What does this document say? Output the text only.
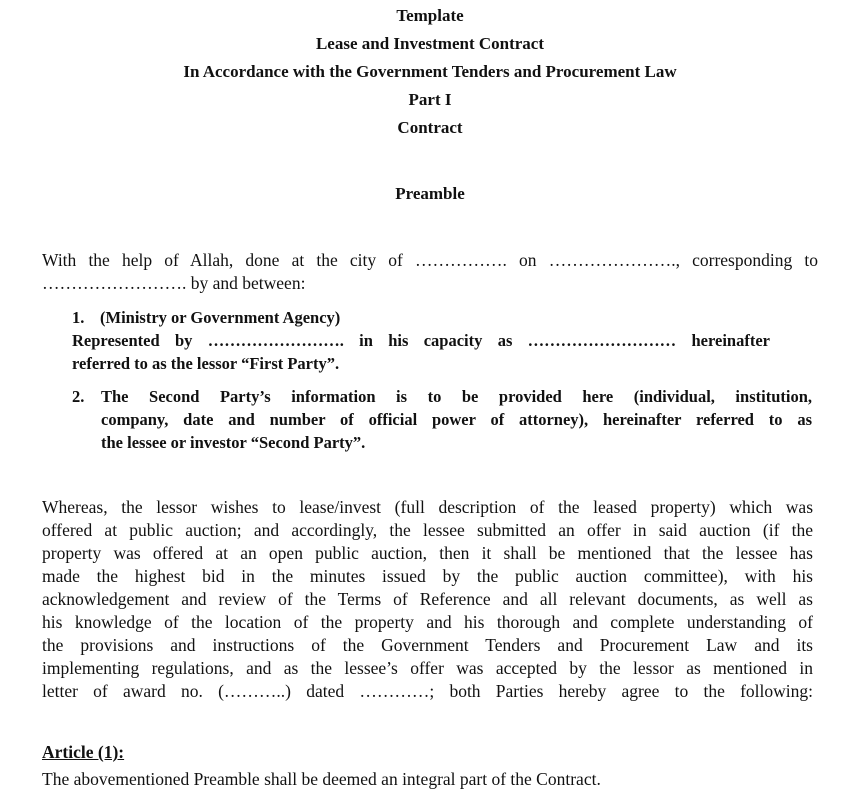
Template
Lease and Investment Contract
In Accordance with the Government Tenders and Procurement Law
Part I
Contract
Preamble
With the help of Allah, done at the city of ……………. on …………………., corresponding to
……………………. by and between:
1. (Ministry or Government Agency)
Represented by ……………………. in his capacity as ……………………… hereinafter
referred to as the lessor “First Party”.
2. The Second Party’s information is to be provided here (individual, institution,
company, date and number of official power of attorney), hereinafter referred to as
the lessee or investor “Second Party”.
Whereas, the lessor wishes to lease/invest (full description of the leased property) which was
offered at public auction; and accordingly, the lessee submitted an offer in said auction (if the
property was offered at an open public auction, then it shall be mentioned that the lessee has
made the highest bid in the minutes issued by the public auction committee), with his
acknowledgement and review of the Terms of Reference and all relevant documents, as well as
his knowledge of the location of the property and his thorough and complete understanding of
the provisions and instructions of the Government Tenders and Procurement Law and its
implementing regulations, and as the lessee’s offer was accepted by the lessor as mentioned in
letter of award no. (………..) dated …………; both Parties hereby agree to the following:
Article (1):
The abovementioned Preamble shall be deemed an integral part of the Contract.
